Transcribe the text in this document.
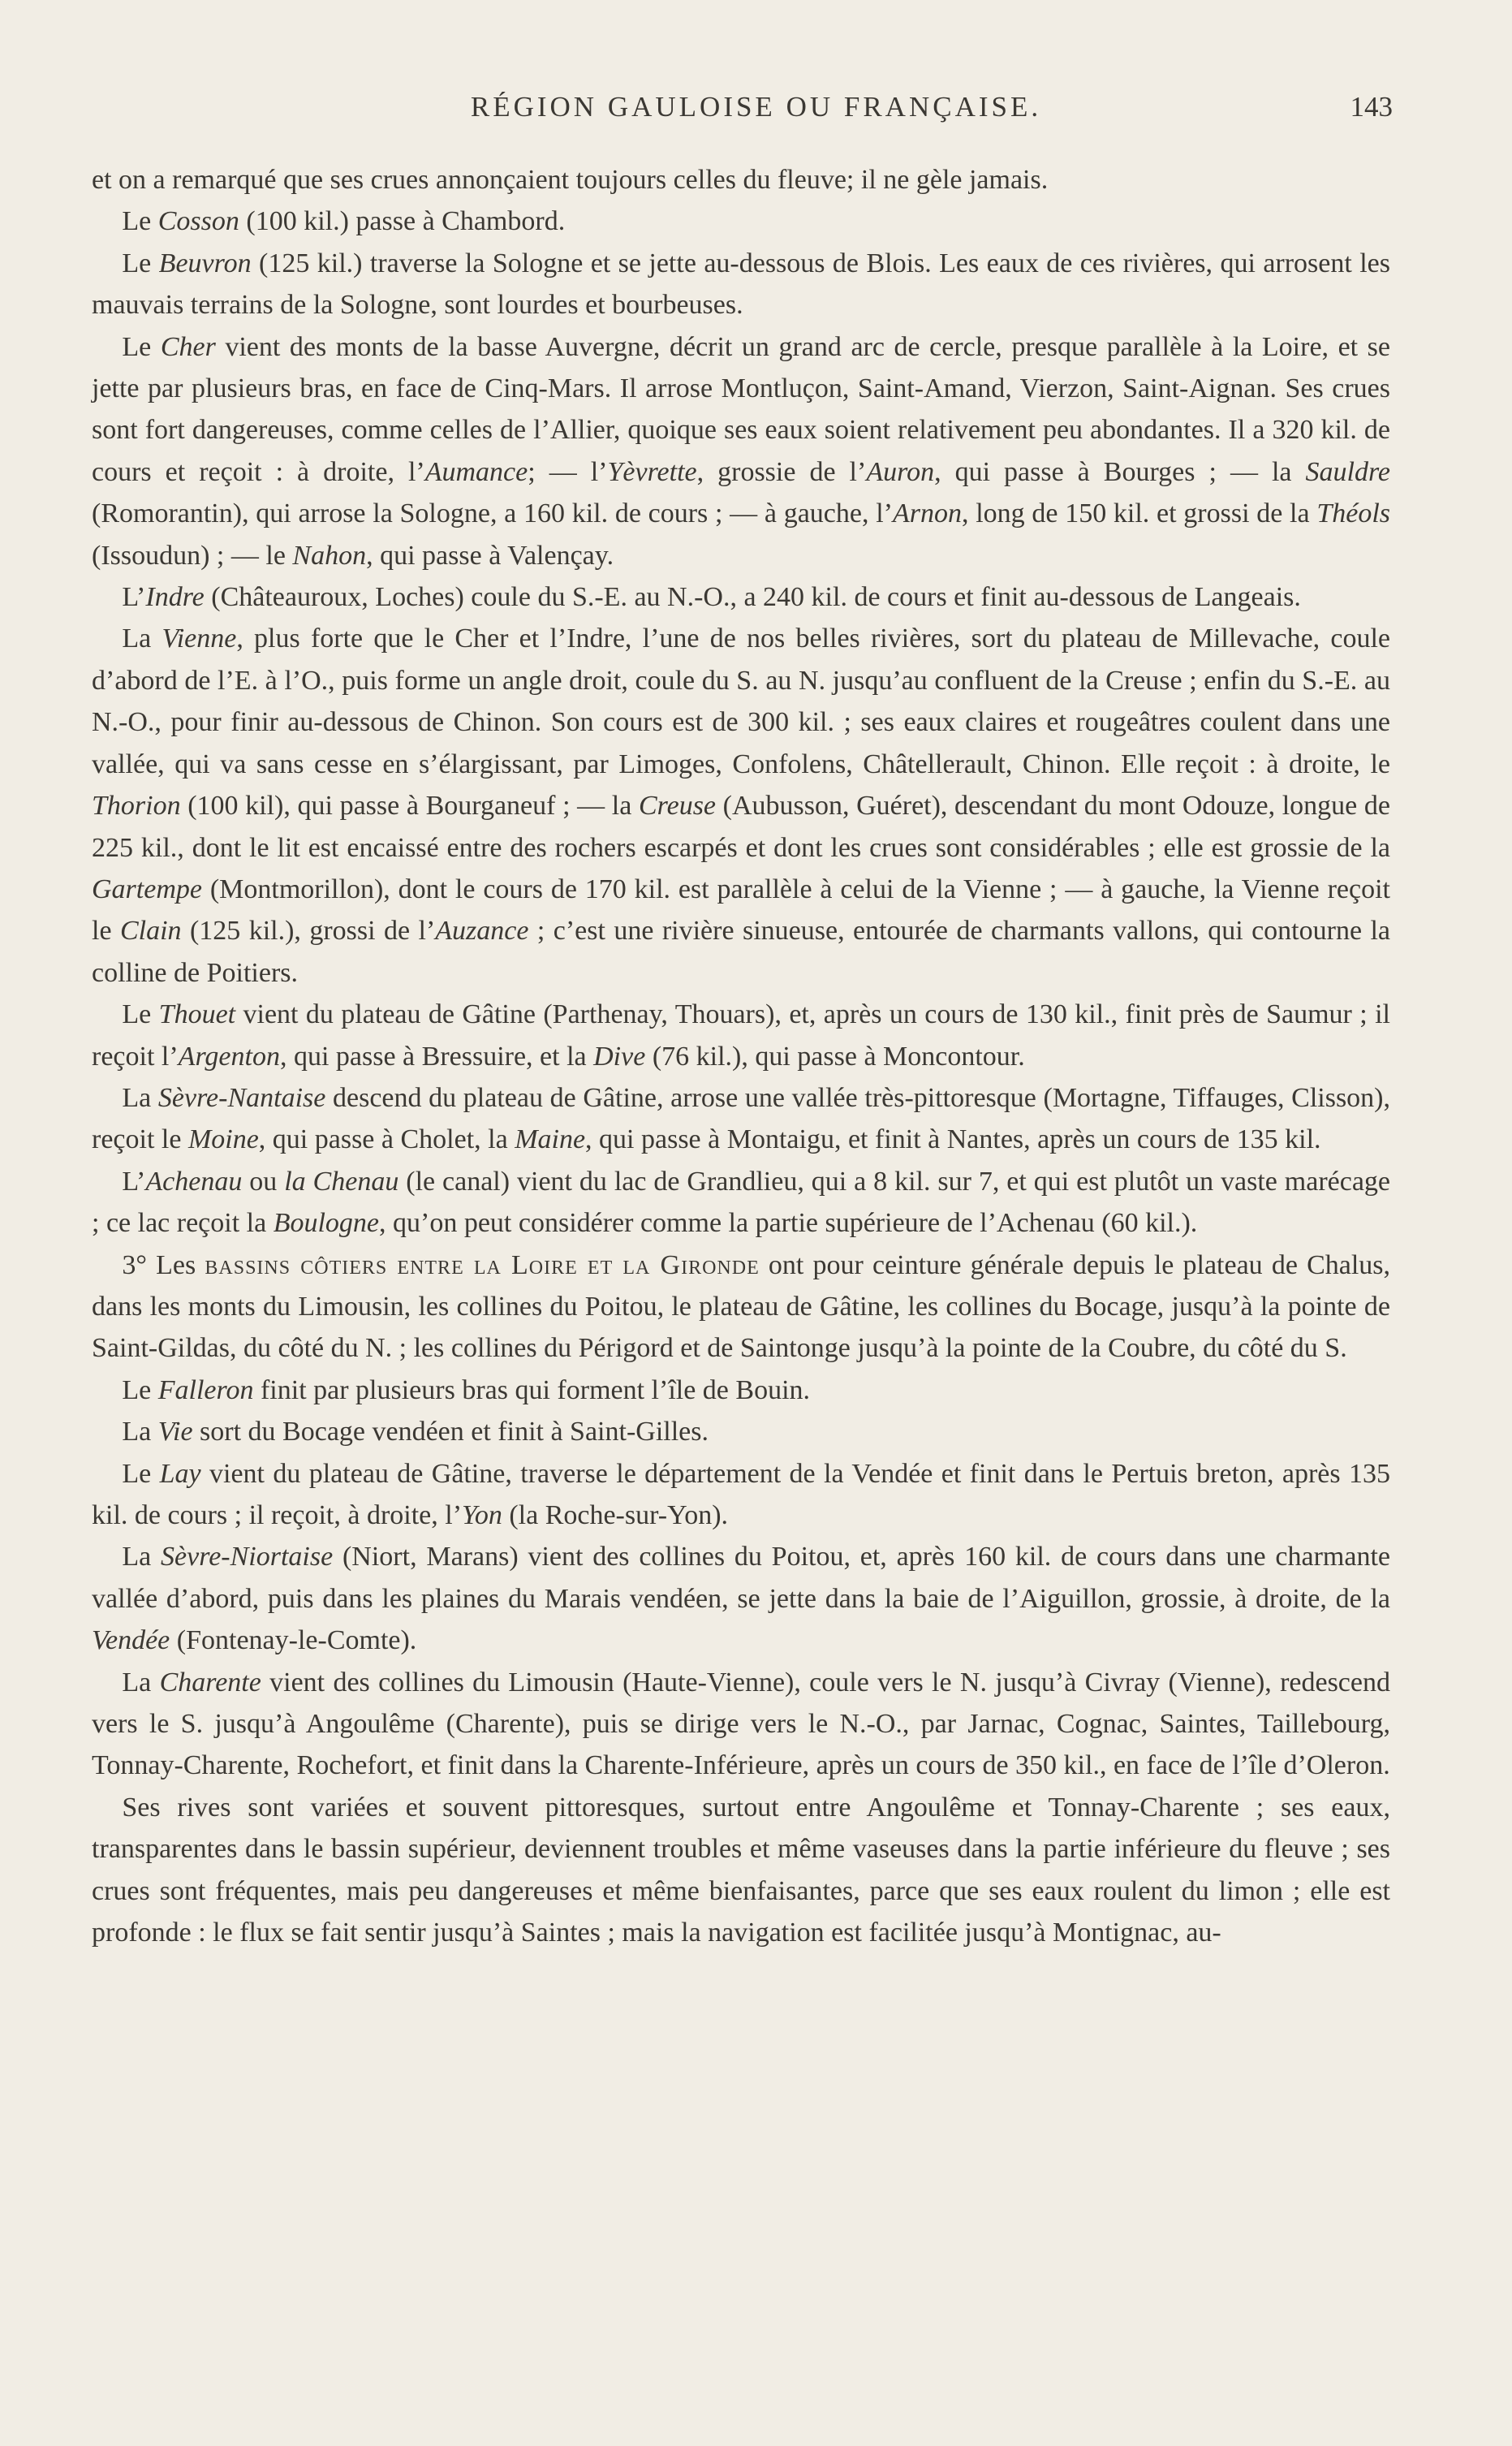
RÉGION GAULOISE OU FRANÇAISE.	143

et on a remarqué que ses crues annonçaient toujours celles du fleuve; il ne gèle jamais.

Le Cosson (100 kil.) passe à Chambord.

Le Beuvron (125 kil.) traverse la Sologne et se jette au-dessous de Blois. Les eaux de ces rivières, qui arrosent les mauvais terrains de la Sologne, sont lourdes et bourbeuses.

Le Cher vient des monts de la basse Auvergne, décrit un grand arc de cercle, presque parallèle à la Loire, et se jette par plusieurs bras, en face de Cinq-Mars. Il arrose Montluçon, Saint-Amand, Vierzon, Saint-Aignan. Ses crues sont fort dangereuses, comme celles de l’Allier, quoique ses eaux soient relativement peu abondantes. Il a 320 kil. de cours et reçoit : à droite, l’Aumance; — l’Yèvrette, grossie de l’Auron, qui passe à Bourges ; — la Sauldre (Romorantin), qui arrose la Sologne, a 160 kil. de cours ; — à gauche, l’Arnon, long de 150 kil. et grossi de la Théols (Issoudun) ; — le Nahon, qui passe à Valençay.

L’Indre (Châteauroux, Loches) coule du S.-E. au N.-O., a 240 kil. de cours et finit au-dessous de Langeais.

La Vienne, plus forte que le Cher et l’Indre, l’une de nos belles rivières, sort du plateau de Millevache, coule d’abord de l’E. à l’O., puis forme un angle droit, coule du S. au N. jusqu’au confluent de la Creuse ; enfin du S.-E. au N.-O., pour finir au-dessous de Chinon. Son cours est de 300 kil. ; ses eaux claires et rougeâtres coulent dans une vallée, qui va sans cesse en s’élargissant, par Limoges, Confolens, Châtellerault, Chinon. Elle reçoit : à droite, le Thorion (100 kil), qui passe à Bourganeuf ; — la Creuse (Aubusson, Guéret), descendant du mont Odouze, longue de 225 kil., dont le lit est encaissé entre des rochers escarpés et dont les crues sont considérables ; elle est grossie de la Gartempe (Montmorillon), dont le cours de 170 kil. est parallèle à celui de la Vienne ; — à gauche, la Vienne reçoit le Clain (125 kil.), grossi de l’Auzance ; c’est une rivière sinueuse, entourée de charmants vallons, qui contourne la colline de Poitiers.

Le Thouet vient du plateau de Gâtine (Parthenay, Thouars), et, après un cours de 130 kil., finit près de Saumur ; il reçoit l’Argenton, qui passe à Bressuire, et la Dive (76 kil.), qui passe à Moncontour.

La Sèvre-Nantaise descend du plateau de Gâtine, arrose une vallée très-pittoresque (Mortagne, Tiffauges, Clisson), reçoit le Moine, qui passe à Cholet, la Maine, qui passe à Montaigu, et finit à Nantes, après un cours de 135 kil.

L’Achenau ou la Chenau (le canal) vient du lac de Grandlieu, qui a 8 kil. sur 7, et qui est plutôt un vaste marécage ; ce lac reçoit la Boulogne, qu’on peut considérer comme la partie supérieure de l’Achenau (60 kil.).

3° Les bassins côtiers entre la Loire et la Gironde ont pour ceinture générale depuis le plateau de Chalus, dans les monts du Limousin, les collines du Poitou, le plateau de Gâtine, les collines du Bocage, jusqu’à la pointe de Saint-Gildas, du côté du N. ; les collines du Périgord et de Saintonge jusqu’à la pointe de la Coubre, du côté du S.

Le Falleron finit par plusieurs bras qui forment l’île de Bouin.

La Vie sort du Bocage vendéen et finit à Saint-Gilles.

Le Lay vient du plateau de Gâtine, traverse le département de la Vendée et finit dans le Pertuis breton, après 135 kil. de cours ; il reçoit, à droite, l’Yon (la Roche-sur-Yon).

La Sèvre-Niortaise (Niort, Marans) vient des collines du Poitou, et, après 160 kil. de cours dans une charmante vallée d’abord, puis dans les plaines du Marais vendéen, se jette dans la baie de l’Aiguillon, grossie, à droite, de la Vendée (Fontenay-le-Comte).

La Charente vient des collines du Limousin (Haute-Vienne), coule vers le N. jusqu’à Civray (Vienne), redescend vers le S. jusqu’à Angoulême (Charente), puis se dirige vers le N.-O., par Jarnac, Cognac, Saintes, Taillebourg, Tonnay-Charente, Rochefort, et finit dans la Charente-Inférieure, après un cours de 350 kil., en face de l’île d’Oleron.

Ses rives sont variées et souvent pittoresques, surtout entre Angoulême et Tonnay-Charente ; ses eaux, transparentes dans le bassin supérieur, deviennent troubles et même vaseuses dans la partie inférieure du fleuve ; ses crues sont fréquentes, mais peu dangereuses et même bienfaisantes, parce que ses eaux roulent du limon ; elle est profonde : le flux se fait sentir jusqu’à Saintes ; mais la navigation est facilitée jusqu’à Montignac, au-
